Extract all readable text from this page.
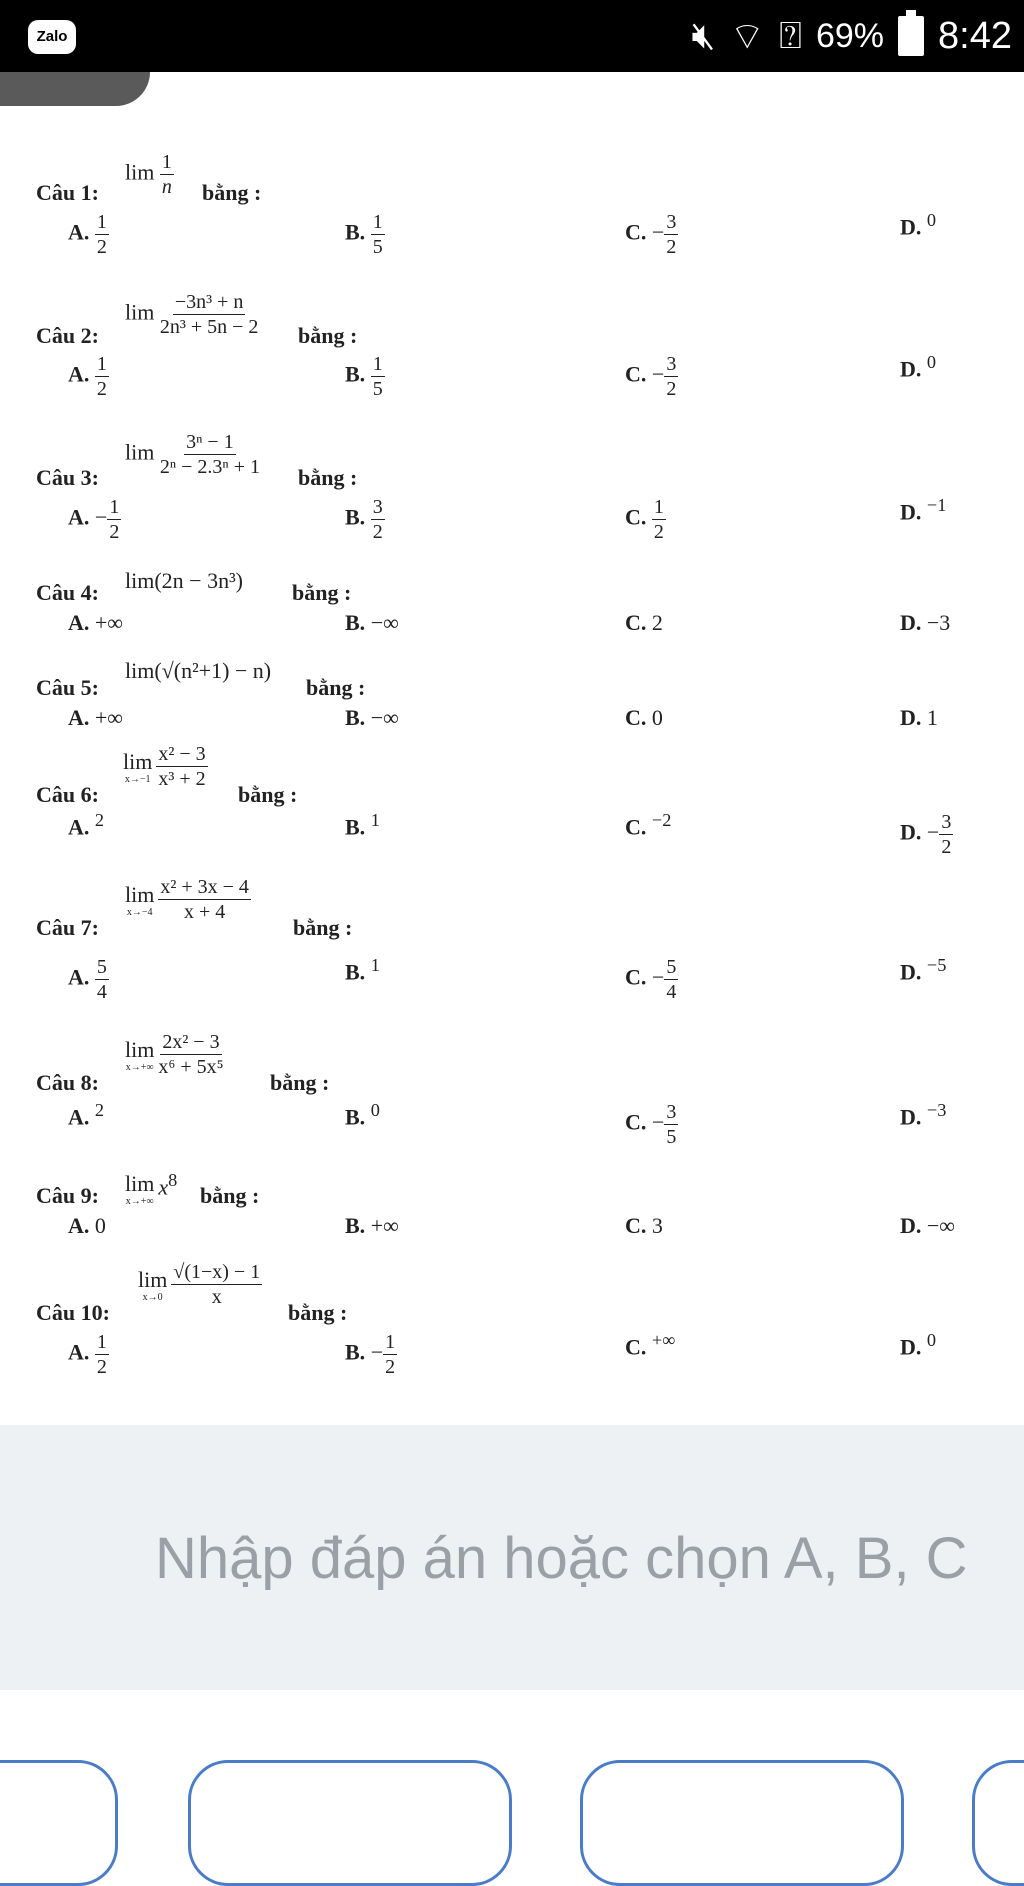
Zalo	🔇︎ ⌔ ⍰ 69% 8:42
Câu 1:
$\lim \frac{1}{n}$ bằng :
A. $\frac{1}{2}$	B. $\frac{1}{5}$	C. − $\frac{3}{2}$	D. $^0$
Câu 2:
$\lim \frac{\text{−3n³ + n}}{\text{2n³ + 5n − 2}}$ bằng :
A. $\frac{1}{2}$	B. $\frac{1}{5}$	C. − $\frac{3}{2}$	D. $^0$
Câu 3:
$\lim \frac{\text{3ⁿ − 1}}{\text{2ⁿ − 2.3ⁿ + 1}}$ bằng :
A. − $\frac{1}{2}$	B. $\frac{3}{2}$	C. $\frac{1}{2}$	D. $^{-1}$
Câu 4: lim(2n − 3n³) bằng :
A. +∞	B. −∞	C. 2	D. −3
Câu 5:
lim(√(n²+1) − n)
bằng :
A. +∞	B. −∞	C. 0	D. 1
Câu 6:
lim
$x\to-1 \frac{\text{x² − 3}}{\text{x³ + 2}}$
bằng :
A. $^2$	B. $^1$	C. $^{-2}$	D. − $\frac{3}{2}$
Câu 7:
lim
$x\to-4 \frac{\text{x² + 3x − 4}}{x + 4}$
bằng :
A. $\frac{5}{4}$	B. $^1$	C. − $\frac{5}{4}$	D. $^{-5}$
Câu 8:
lim
$x\to+\infty \frac{\text{2x² − 3}}{\text{x⁶ + 5x⁵}}$
bằng :
A. $^2$	B. $^0$	C. − $\frac{3}{5}$	D. $^{-3}$
Câu 9: lim
x→+∞
$x^8$
bằng :
A. 0	B. +∞	C. 3	D. −∞
Câu 10:
lim
$x\to 0 \frac{√(1-x) - 1}{x}$
bằng :
A. $\frac{1}{2}$	B. − $\frac{1}{2}$	C. +∞	D. $^0$
Nhập đáp án hoặc chọn A, B, C
